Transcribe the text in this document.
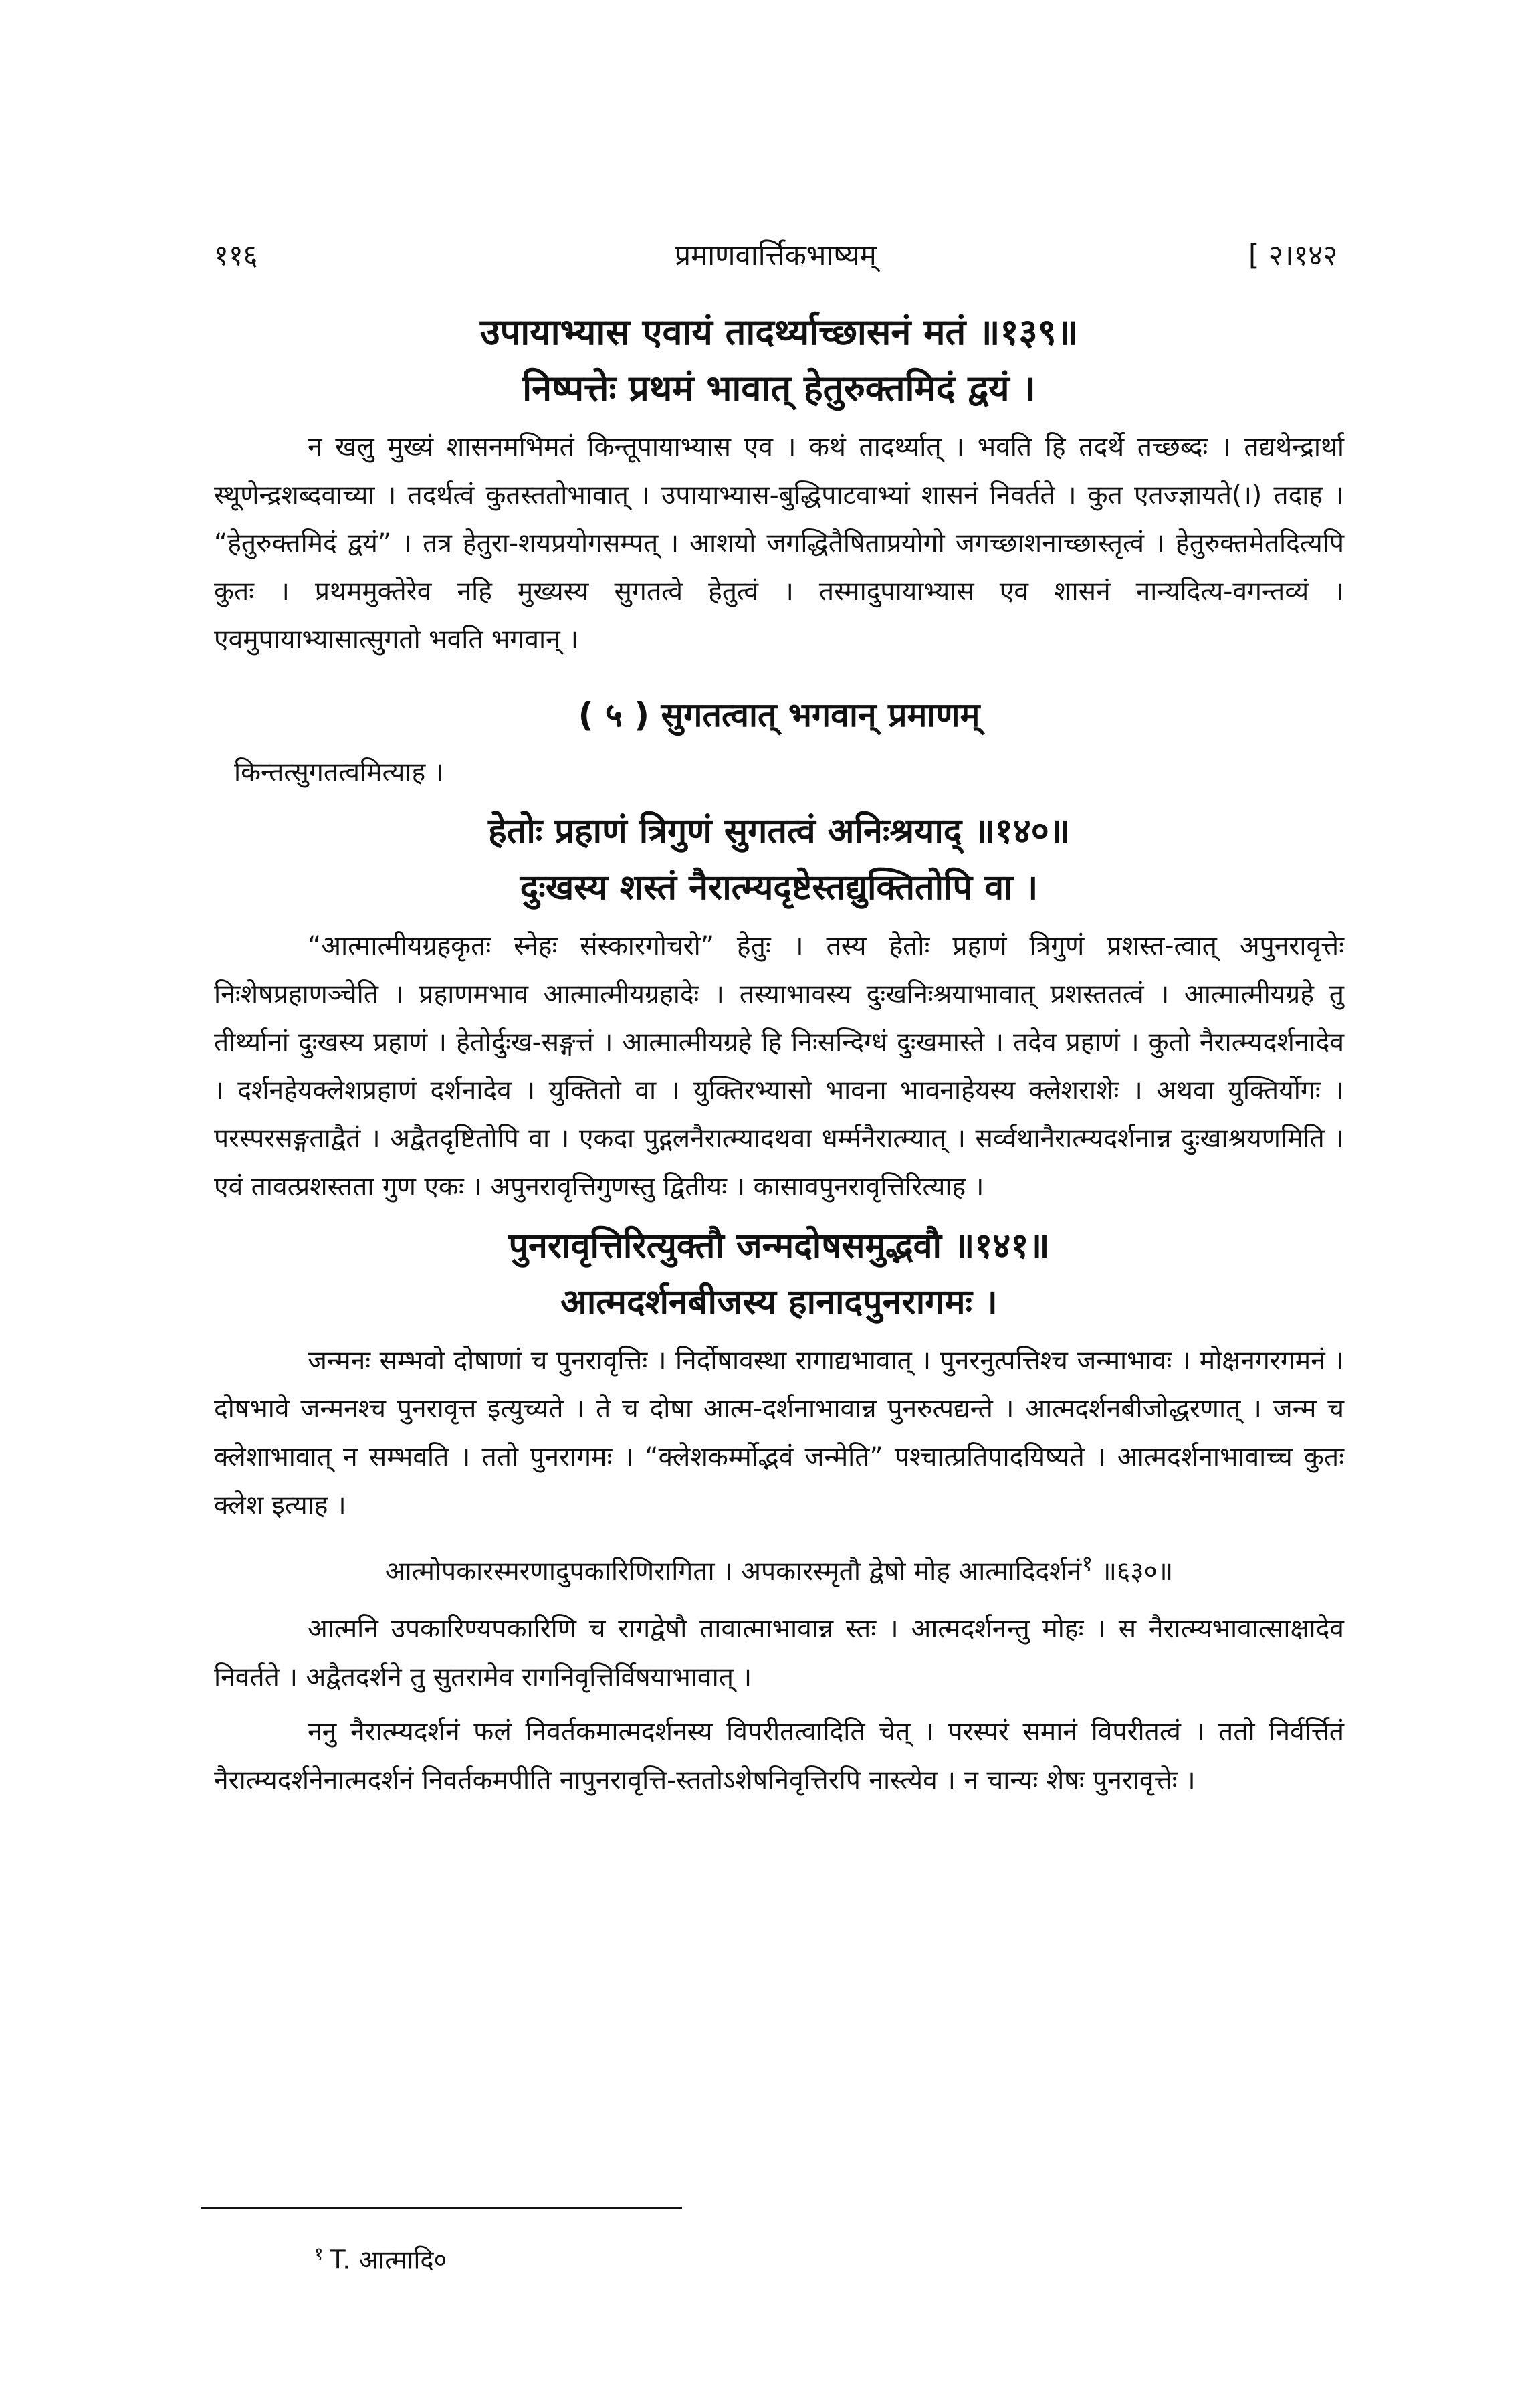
प्रमाणवार्त्तिकभाष्यम्
११६	[ २।१४२
उपायाभ्यास एवायं तादर्थ्याच्छासनं मतं ॥१३९॥
निष्पत्तेः प्रथमं भावात् हेतुरुक्तमिदं द्वयं ।

न खलु मुख्यं शासनमभिमतं किन्तूपायाभ्यास एव । कथं तादर्थ्यात् । भवति हि तदर्थे तच्छब्दः । तद्यथेन्द्रार्था स्थूणेन्द्रशब्दवाच्या । तदर्थत्वं कुतस्ततोभावात् । उपायाभ्यास-बुद्धिपाटवाभ्यां शासनं निवर्तते । कुत एतज्ज्ञायते(।) तदाह । “हेतुरुक्तमिदं द्वयं” । तत्र हेतुरा-शयप्रयोगसम्पत् । आशयो जगद्धितैषिताप्रयोगो जगच्छाशनाच्छास्तृत्वं । हेतुरुक्तमेतदित्यपि कुतः । प्रथममुक्तेरेव नहि मुख्यस्य सुगतत्वे हेतुत्वं । तस्मादुपायाभ्यास एव शासनं नान्यदित्य-वगन्तव्यं । एवमुपायाभ्यासात्सुगतो भवति भगवान् ।

( ५ ) सुगतत्वात् भगवान् प्रमाणम्

किन्तत्सुगतत्वमित्याह ।

हेतोः प्रहाणं त्रिगुणं सुगतत्वं अनिःश्रयाद् ॥१४०॥
दुःखस्य शस्तं नैरात्म्यदृष्टेस्तद्युक्तितोपि वा ।

“आत्मात्मीयग्रहकृतः स्नेहः संस्कारगोचरो” हेतुः । तस्य हेतोः प्रहाणं त्रिगुणं प्रशस्त-त्वात् अपुनरावृत्तेः निःशेषप्रहाणञ्चेति । प्रहाणमभाव आत्मात्मीयग्रहादेः । तस्याभावस्य दुःखनिःश्रयाभावात् प्रशस्ततत्वं । आत्मात्मीयग्रहे तु तीर्थ्यानां दुःखस्य प्रहाणं । हेतोर्दुःख-सङ्गत्तं । आत्मात्मीयग्रहे हि निःसन्दिग्धं दुःखमास्ते । तदेव प्रहाणं । कुतो नैरात्म्यदर्शनादेव । दर्शनहेयक्लेशप्रहाणं दर्शनादेव । युक्तितो वा । युक्तिरभ्यासो भावना भावनाहेयस्य क्लेशराशेः । अथवा युक्तिर्योगः । परस्परसङ्गताद्वैतं । अद्वैतदृष्टितोपि वा । एकदा पुद्गलनैरात्म्यादथवा धर्म्मनैरात्म्यात् । सर्व्वथानैरात्म्यदर्शनान्न दुःखाश्रयणमिति । एवं तावत्प्रशस्तता गुण एकः । अपुनरावृत्तिगुणस्तु द्वितीयः । कासावपुनरावृत्तिरित्याह ।

पुनरावृत्तिरित्युक्तौ जन्मदोषसमुद्भवौ ॥१४१॥
आत्मदर्शनबीजस्य हानादपुनरागमः ।

जन्मनः सम्भवो दोषाणां च पुनरावृत्तिः । निर्दोषावस्था रागाद्यभावात् । पुनरनुत्पत्तिश्च जन्माभावः । मोक्षनगरगमनं । दोषभावे जन्मनश्च पुनरावृत्त इत्युच्यते । ते च दोषा आत्म-दर्शनाभावान्न पुनरुत्पद्यन्ते । आत्मदर्शनबीजोद्धरणात् । जन्म च क्लेशाभावात् न सम्भवति । ततो पुनरागमः । “क्लेशकर्म्मोद्भवं जन्मेति” पश्चात्प्रतिपादयिष्यते । आत्मदर्शनाभावाच्च कुतः क्लेश इत्याह ।

आत्मोपकारस्मरणादुपकारिणिरागिता । अपकारस्मृतौ द्वेषो मोह आत्मादिदर्शनं$^१$ ॥६३०॥

आत्मनि उपकारिण्यपकारिणि च रागद्वेषौ तावात्माभावान्न स्तः । आत्मदर्शनन्तु मोहः । स नैरात्म्यभावात्साक्षादेव निवर्तते । अद्वैतदर्शने तु सुतरामेव रागनिवृत्तिर्विषयाभावात् ।

ननु नैरात्म्यदर्शनं फलं निवर्तकमात्मदर्शनस्य विपरीतत्वादिति चेत् । परस्परं समानं विपरीतत्वं । ततो निर्वर्त्तितं नैरात्म्यदर्शनेनात्मदर्शनं निवर्तकमपीति नापुनरावृत्ति-स्ततोऽशेषनिवृत्तिरपि नास्त्येव । न चान्यः शेषः पुनरावृत्तेः ।

$^१$ T. आत्मादि०
